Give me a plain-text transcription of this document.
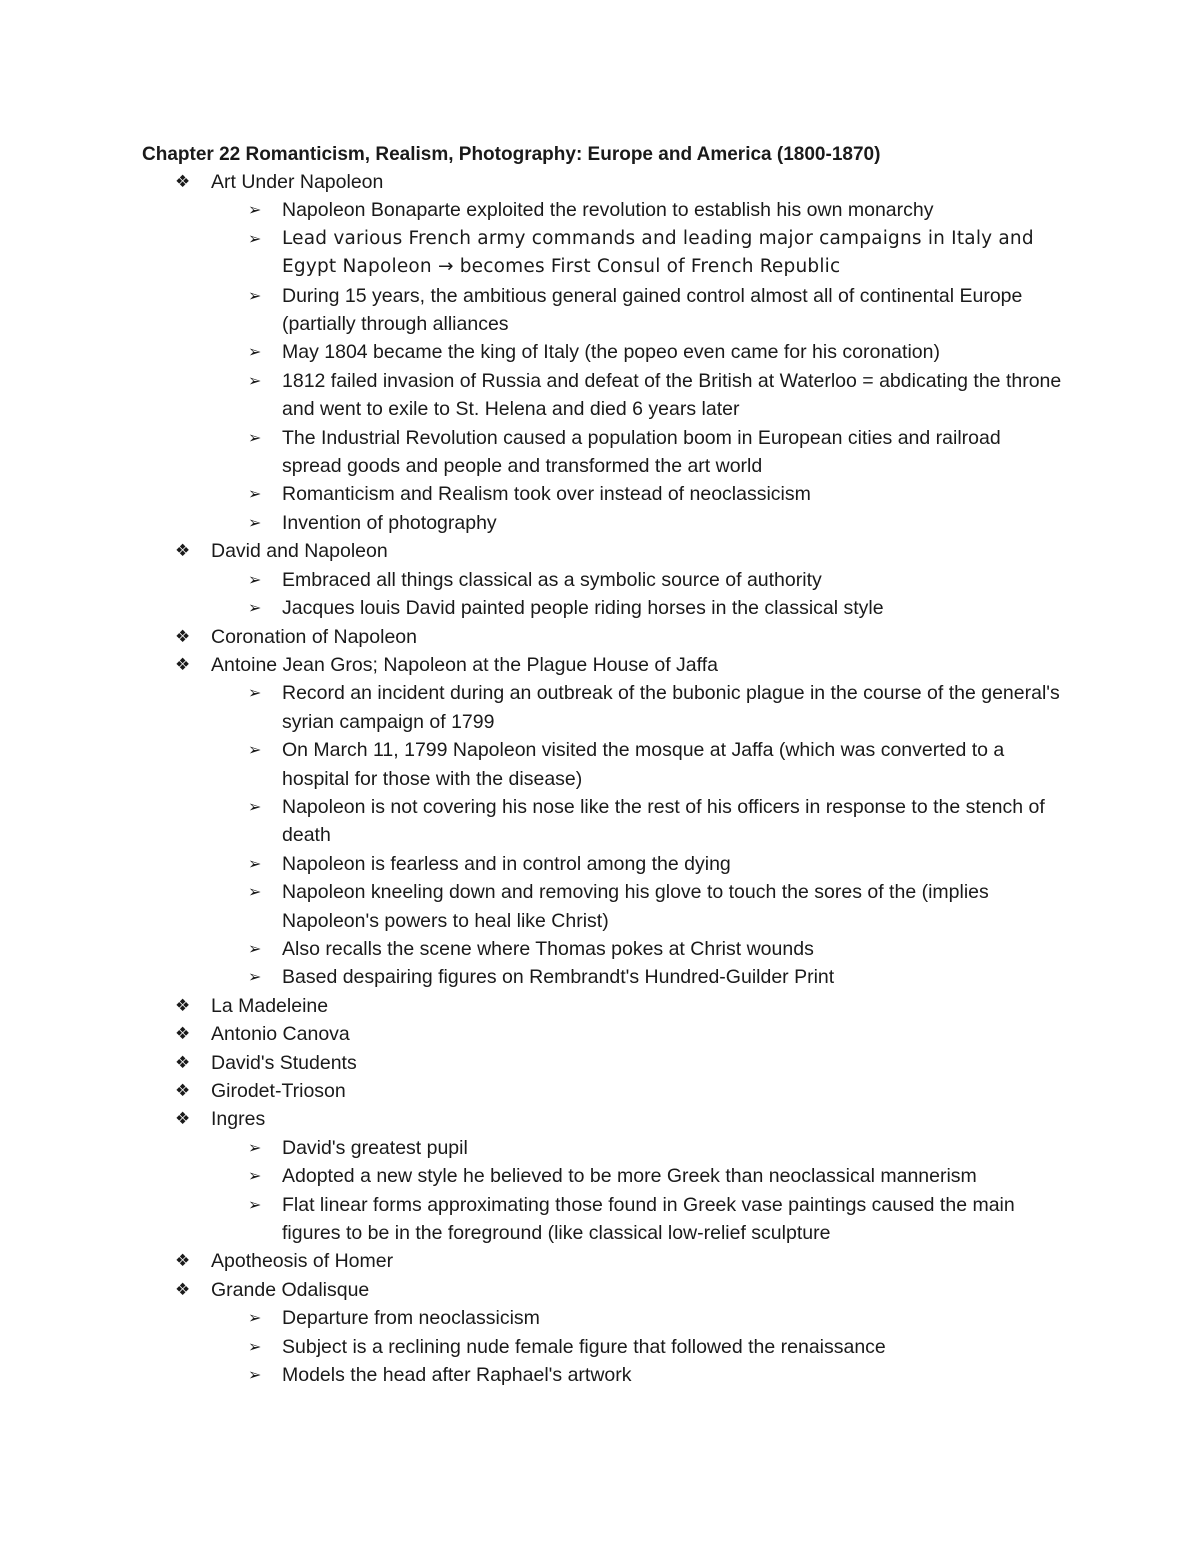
Chapter 22 Romanticism, Realism, Photography: Europe and America (1800-1870)
❖ Art Under Napoleon
➢ Napoleon Bonaparte exploited the revolution to establish his own monarchy
➢ Lead various French army commands and leading major campaigns in Italy and Egypt Napoleon → becomes First Consul of French Republic
➢ During 15 years, the ambitious general gained control almost all of continental Europe (partially through alliances
➢ May 1804 became the king of Italy (the popeo even came for his coronation)
➢ 1812 failed invasion of Russia and defeat of the British at Waterloo = abdicating the throne and went to exile to St. Helena and died 6 years later
➢ The Industrial Revolution caused a population boom in European cities and railroad spread goods and people and transformed the art world
➢ Romanticism and Realism took over instead of neoclassicism
➢ Invention of photography
❖ David and Napoleon
➢ Embraced all things classical as a symbolic source of authority
➢ Jacques louis David painted people riding horses in the classical style
❖ Coronation of Napoleon
❖ Antoine Jean Gros; Napoleon at the Plague House of Jaffa
➢ Record an incident during an outbreak of the bubonic plague in the course of the general's syrian campaign of 1799
➢ On March 11, 1799 Napoleon visited the mosque at Jaffa (which was converted to a hospital for those with the disease)
➢ Napoleon is not covering his nose like the rest of his officers in response to the stench of death
➢ Napoleon is fearless and in control among the dying
➢ Napoleon kneeling down and removing his glove to touch the sores of the (implies Napoleon's powers to heal like Christ)
➢ Also recalls the scene where Thomas pokes at Christ wounds
➢ Based despairing figures on Rembrandt's Hundred-Guilder Print
❖ La Madeleine
❖ Antonio Canova
❖ David's Students
❖ Girodet-Trioson
❖ Ingres
➢ David's greatest pupil
➢ Adopted a new style he believed to be more Greek than neoclassical mannerism
➢ Flat linear forms approximating those found in Greek vase paintings caused the main figures to be in the foreground (like classical low-relief sculpture
❖ Apotheosis of Homer
❖ Grande Odalisque
➢ Departure from neoclassicism
➢ Subject is a reclining nude female figure that followed the renaissance
➢ Models the head after Raphael's artwork
